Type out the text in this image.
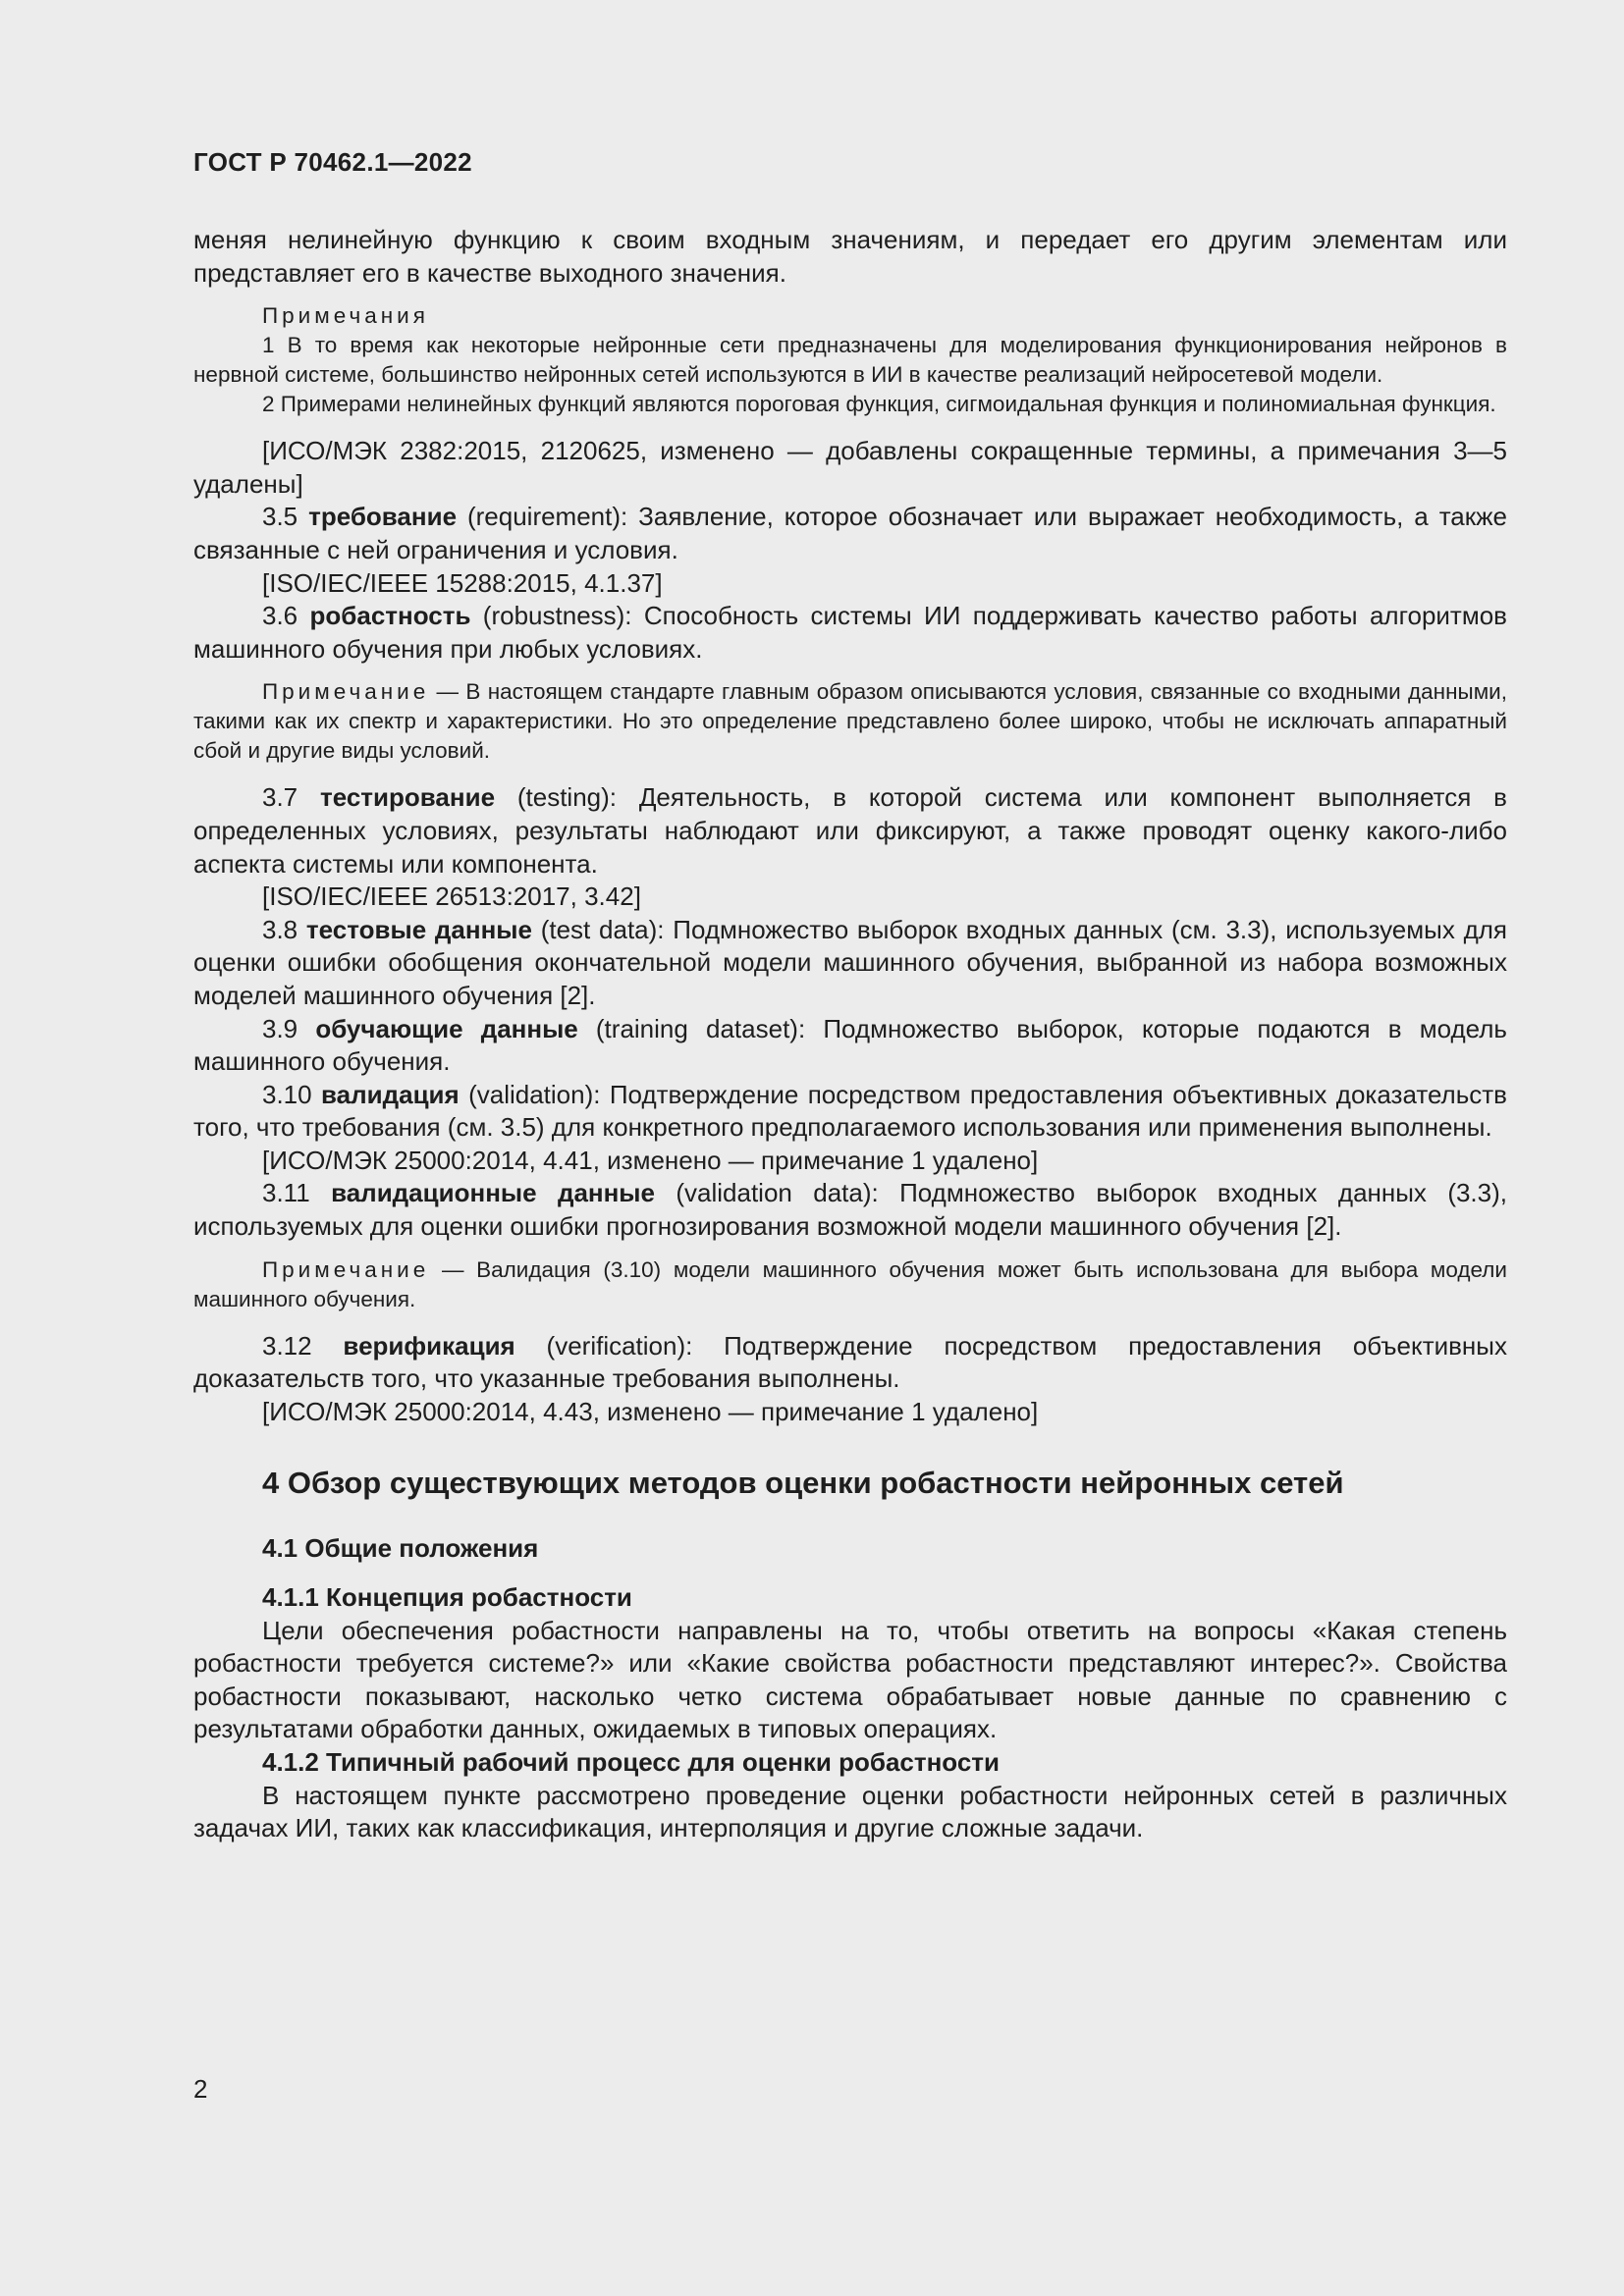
ГОСТ Р 70462.1—2022

меняя нелинейную функцию к своим входным значениям, и передает его другим элементам или представляет его в качестве выходного значения.

Примечания

1 В то время как некоторые нейронные сети предназначены для моделирования функционирования нейронов в нервной системе, большинство нейронных сетей используются в ИИ в качестве реализаций нейросетевой модели.

2 Примерами нелинейных функций являются пороговая функция, сигмоидальная функция и полиномиальная функция.

[ИСО/МЭК 2382:2015, 2120625, изменено — добавлены сокращенные термины, а примечания 3—5 удалены]

3.5 требование (requirement): Заявление, которое обозначает или выражает необходимость, а также связанные с ней ограничения и условия.

[ISO/IEC/IEEE 15288:2015, 4.1.37]

3.6 робастность (robustness): Способность системы ИИ поддерживать качество работы алгоритмов машинного обучения при любых условиях.

Примечание — В настоящем стандарте главным образом описываются условия, связанные со входными данными, такими как их спектр и характеристики. Но это определение представлено более широко, чтобы не исключать аппаратный сбой и другие виды условий.

3.7 тестирование (testing): Деятельность, в которой система или компонент выполняется в определенных условиях, результаты наблюдают или фиксируют, а также проводят оценку какого-либо аспекта системы или компонента.

[ISO/IEC/IEEE 26513:2017, 3.42]

3.8 тестовые данные (test data): Подмножество выборок входных данных (см. 3.3), используемых для оценки ошибки обобщения окончательной модели машинного обучения, выбранной из набора возможных моделей машинного обучения [2].

3.9 обучающие данные (training dataset): Подмножество выборок, которые подаются в модель машинного обучения.

3.10 валидация (validation): Подтверждение посредством предоставления объективных доказательств того, что требования (см. 3.5) для конкретного предполагаемого использования или применения выполнены.

[ИСО/МЭК 25000:2014, 4.41, изменено — примечание 1 удалено]

3.11 валидационные данные (validation data): Подмножество выборок входных данных (3.3), используемых для оценки ошибки прогнозирования возможной модели машинного обучения [2].

Примечание — Валидация (3.10) модели машинного обучения может быть использована для выбора модели машинного обучения.

3.12 верификация (verification): Подтверждение посредством предоставления объективных доказательств того, что указанные требования выполнены.

[ИСО/МЭК 25000:2014, 4.43, изменено — примечание 1 удалено]

4 Обзор существующих методов оценки робастности нейронных сетей
4.1 Общие положения
4.1.1 Концепция робастности

Цели обеспечения робастности направлены на то, чтобы ответить на вопросы «Какая степень робастности требуется системе?» или «Какие свойства робастности представляют интерес?». Свойства робастности показывают, насколько четко система обрабатывает новые данные по сравнению с результатами обработки данных, ожидаемых в типовых операциях.

4.1.2 Типичный рабочий процесс для оценки робастности

В настоящем пункте рассмотрено проведение оценки робастности нейронных сетей в различных задачах ИИ, таких как классификация, интерполяция и другие сложные задачи.

2
